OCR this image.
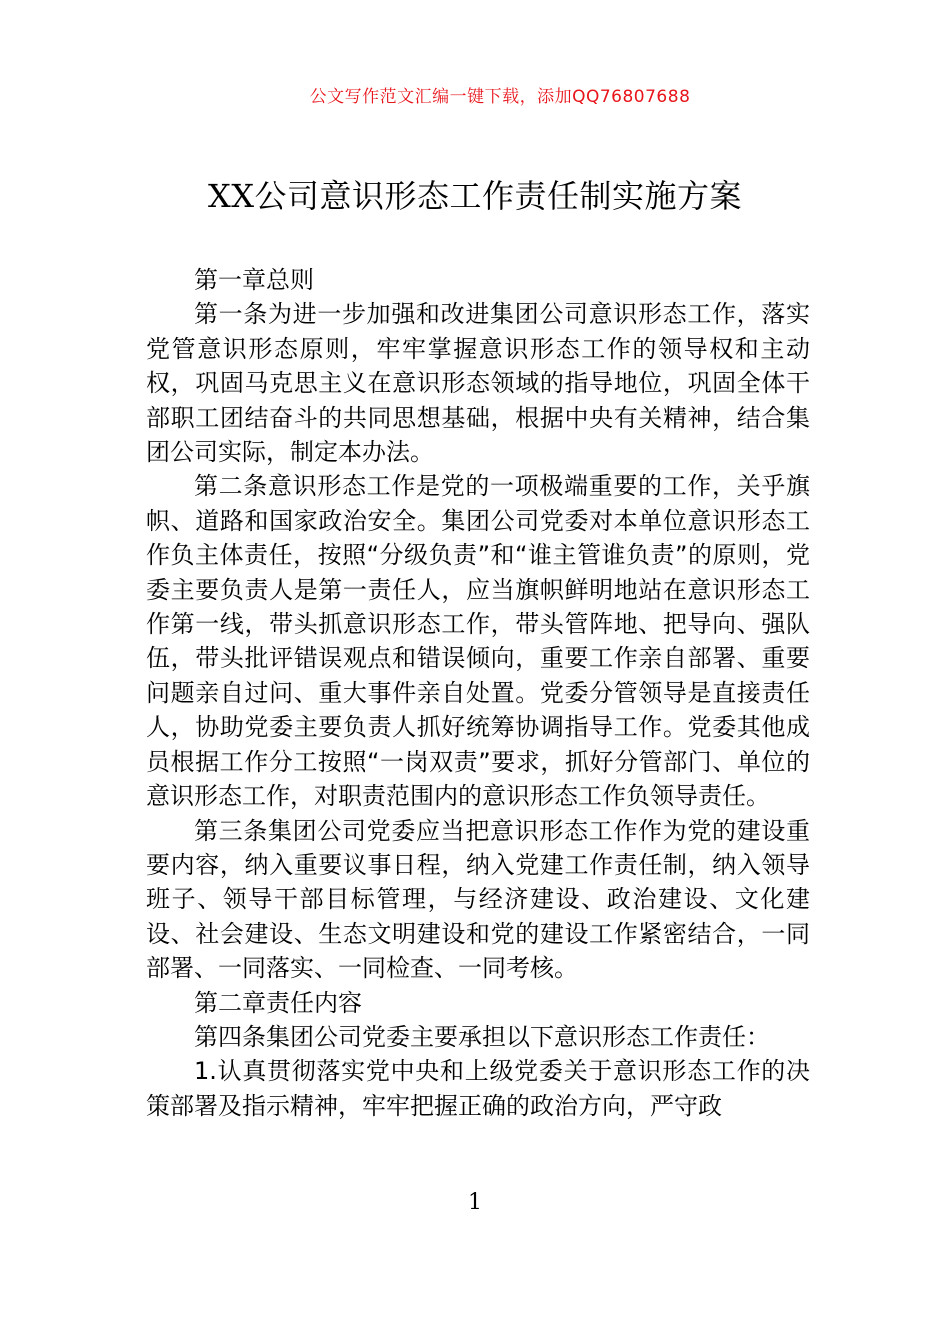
公文写作范文汇编一键下载，添加QQ76807688
XX公司意识形态工作责任制实施方案

第一章总则

第一条为进一步加强和改进集团公司意识形态工作，落实党管意识形态原则，牢牢掌握意识形态工作的领导权和主动权，巩固马克思主义在意识形态领域的指导地位，巩固全体干部职工团结奋斗的共同思想基础，根据中央有关精神，结合集团公司实际，制定本办法。

第二条意识形态工作是党的一项极端重要的工作，关乎旗帜、道路和国家政治安全。集团公司党委对本单位意识形态工作负主体责任，按照“分级负责”和“谁主管谁负责”的原则，党委主要负责人是第一责任人，应当旗帜鲜明地站在意识形态工作第一线，带头抓意识形态工作，带头管阵地、把导向、强队伍，带头批评错误观点和错误倾向，重要工作亲自部署、重要问题亲自过问、重大事件亲自处置。党委分管领导是直接责任人，协助党委主要负责人抓好统筹协调指导工作。党委其他成员根据工作分工按照“一岗双责”要求，抓好分管部门、单位的意识形态工作，对职责范围内的意识形态工作负领导责任。

第三条集团公司党委应当把意识形态工作作为党的建设重要内容，纳入重要议事日程，纳入党建工作责任制，纳入领导班子、领导干部目标管理，与经济建设、政治建设、文化建设、社会建设、生态文明建设和党的建设工作紧密结合，一同部署、一同落实、一同检查、一同考核。

第二章责任内容

第四条集团公司党委主要承担以下意识形态工作责任：

1.认真贯彻落实党中央和上级党委关于意识形态工作的决策部署及指示精神，牢牢把握正确的政治方向，严守政

1
